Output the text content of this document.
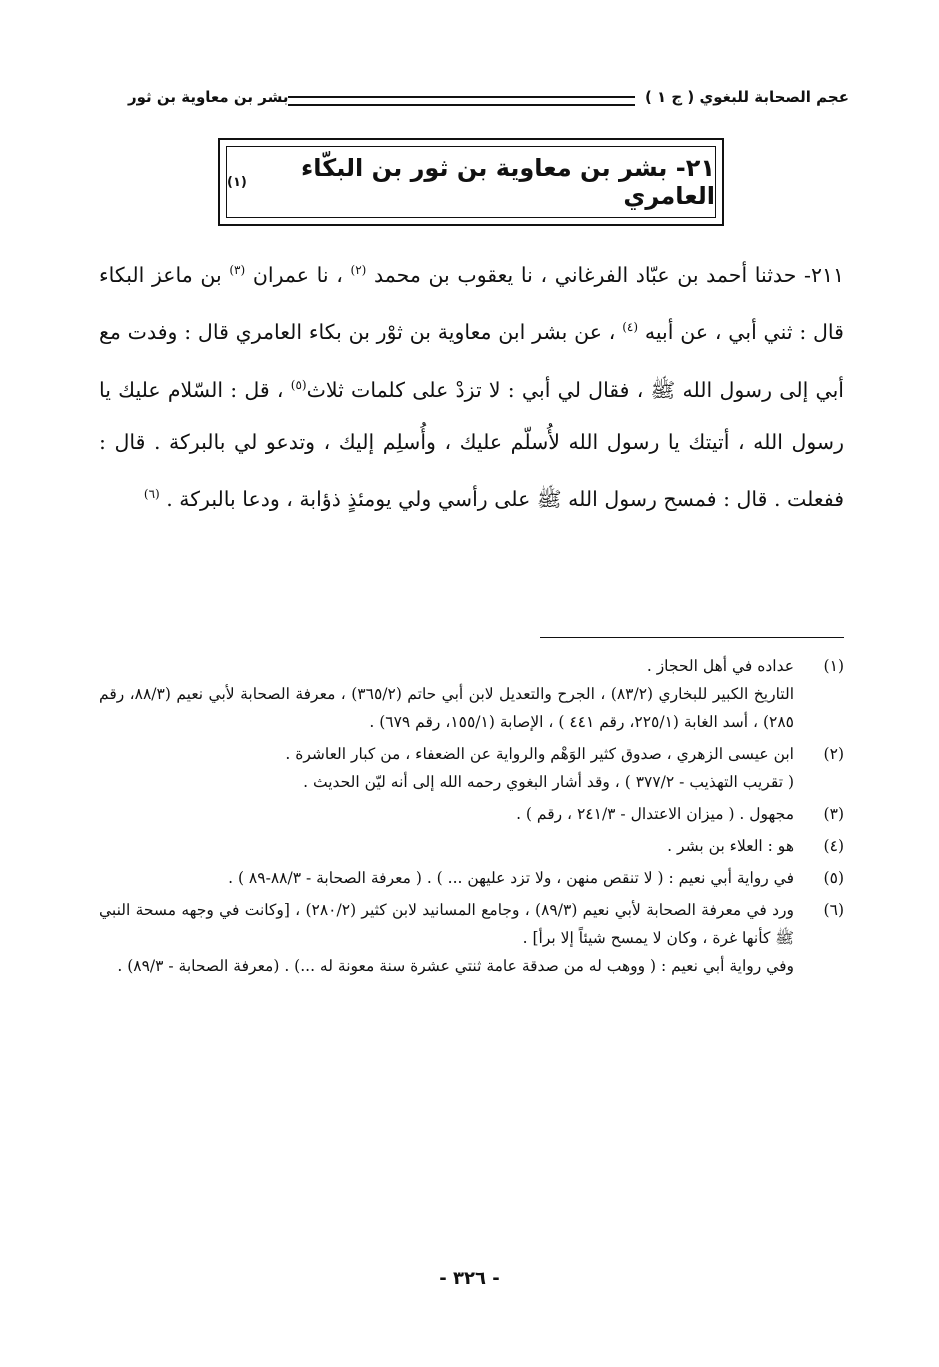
عجم الصحابة للبغوي ( ج ١ )
بشر بن معاوية بن ثور
٢١- بشر بن معاوية بن ثور بن البكّاء العامري
(١)
٢١١- حدثنا أحمد بن عبّاد الفرغاني ، نا يعقوب بن محمد $^{(٢)}$ ، نا عمران $^{(٣)}$ بن ماعز البكاء قال : ثني أبي ، عن أبيه $^{(٤)}$ ، عن بشر ابن معاوية بن ثوْر بن بكاء العامري قال : وفدت مع أبي إلى رسول الله ﷺ ، فقال لي أبي : لا تزدْ على كلمات ثلاث$^{(٥)}$ ، قل : السّلام عليك يا رسول الله ، أتيتك يا رسول الله لأُسلّم عليك ، وأُسلِم إليك ، وتدعو لي بالبركة . قال : ففعلت . قال : فمسح رسول الله ﷺ على رأسي ولي يومئذٍ ذؤابة ، ودعا بالبركة . $^{(٦)}$
(١)
عداده في أهل الحجاز .
التاريخ الكبير للبخاري (٨٣/٢) ، الجرح والتعديل لابن أبي حاتم (٣٦٥/٢) ، معرفة الصحابة لأبي نعيم (٨٨/٣، رقم ٢٨٥) ، أسد الغابة (٢٢٥/١، رقم ٤٤١ ) ، الإصابة (١٥٥/١، رقم ٦٧٩) .
(٢)
ابن عيسى الزهري ، صدوق كثير الوَهْم والرواية عن الضعفاء ، من كبار العاشرة .
( تقريب التهذيب - ٣٧٧/٢ ) ، وقد أشار البغوي رحمه الله إلى أنه ليّن الحديث .
(٣)
مجهول . ( ميزان الاعتدال - ٢٤١/٣ ، رقم ) .
(٤)
هو : العلاء بن بشر .
(٥)
في رواية أبي نعيم : ( لا تنقص منهن ، ولا تزد عليهن ... ) . ( معرفة الصحابة - ٨٨/٣-٨٩ ) .
(٦)
ورد في معرفة الصحابة لأبي نعيم (٨٩/٣) ، وجامع المسانيد لابن كثير (٢٨٠/٢) ، [وكانت في وجهه مسحة النبي ﷺ كأنها غرة ، وكان لا يمسح شيئاً إلا برأ] .
وفي رواية أبي نعيم : ( ووهب له من صدقة عامة ثنتي عشرة سنة معونة له ...) . (معرفة الصحابة - ٨٩/٣) .
- ٣٢٦ -
